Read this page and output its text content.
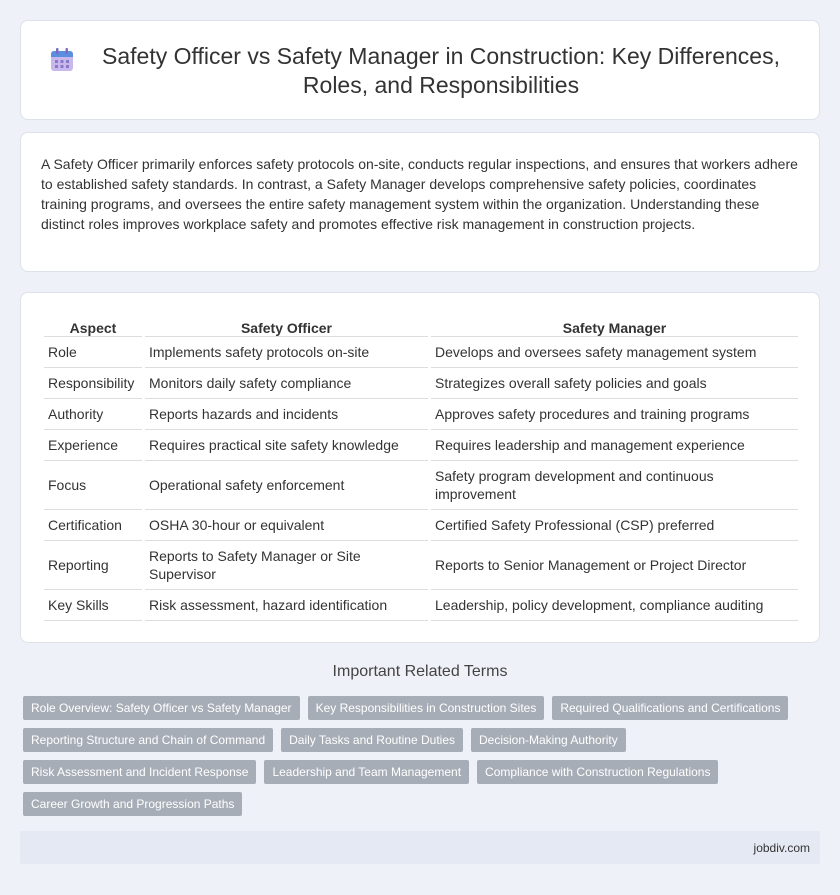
Safety Officer vs Safety Manager in Construction: Key Differences, Roles, and Responsibilities

A Safety Officer primarily enforces safety protocols on-site, conducts regular inspections, and ensures that workers adhere to established safety standards. In contrast, a Safety Manager develops comprehensive safety policies, coordinates training programs, and oversees the entire safety management system within the organization. Understanding these distinct roles improves workplace safety and promotes effective risk management in construction projects.

Aspect	Safety Officer	Safety Manager
Role	Implements safety protocols on-site	Develops and oversees safety management system
Responsibility	Monitors daily safety compliance	Strategizes overall safety policies and goals
Authority	Reports hazards and incidents	Approves safety procedures and training programs
Experience	Requires practical site safety knowledge	Requires leadership and management experience
Focus	Operational safety enforcement	Safety program development and continuous improvement
Certification	OSHA 30-hour or equivalent	Certified Safety Professional (CSP) preferred
Reporting	Reports to Safety Manager or Site Supervisor	Reports to Senior Management or Project Director
Key Skills	Risk assessment, hazard identification	Leadership, policy development, compliance auditing
Important Related Terms
Role Overview: Safety Officer vs Safety Manager	Key Responsibilities in Construction Sites	Required Qualifications and Certifications
Reporting Structure and Chain of Command	Daily Tasks and Routine Duties	Decision-Making Authority
Risk Assessment and Incident Response	Leadership and Team Management	Compliance with Construction Regulations
Career Growth and Progression Paths
jobdiv.com
